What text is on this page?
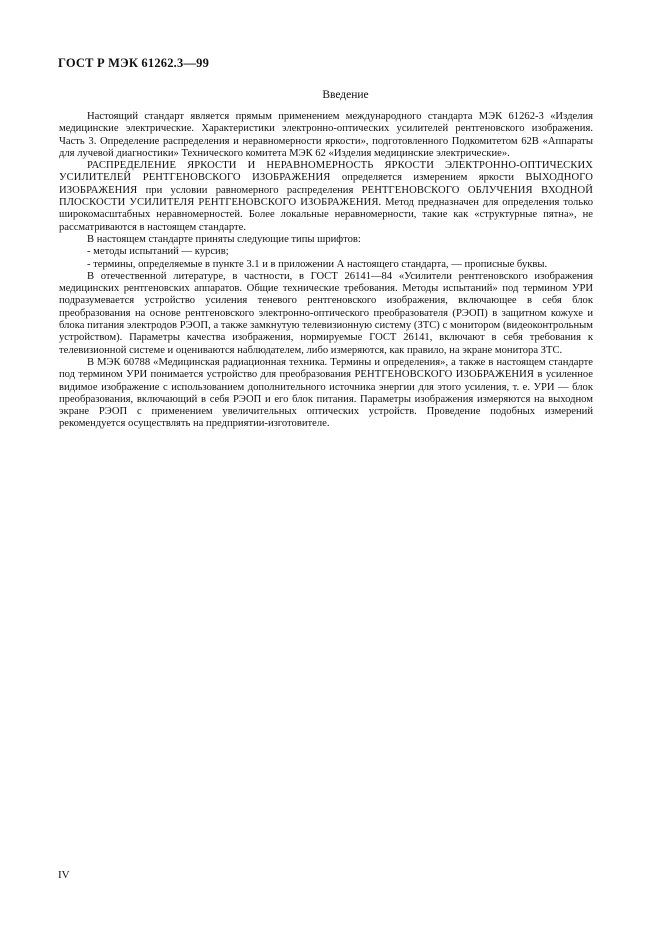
ГОСТ Р МЭК 61262.3—99
Введение

Настоящий стандарт является прямым применением международного стандарта МЭК 61262-3 «Изделия медицинские электрические. Характеристики электронно-оптических усилителей рентгеновского изображения. Часть 3. Определение распределения и неравномерности яркости», подготовленного Подкомитетом 62В «Аппараты для лучевой диагностики» Технического комитета МЭК 62 «Изделия медицинские электрические».

РАСПРЕДЕЛЕНИЕ ЯРКОСТИ И НЕРАВНОМЕРНОСТЬ ЯРКОСТИ ЭЛЕКТРОННО-ОПТИЧЕСКИХ УСИЛИТЕЛЕЙ РЕНТГЕНОВСКОГО ИЗОБРАЖЕНИЯ определяется измерением яркости ВЫХОДНОГО ИЗОБРАЖЕНИЯ при условии равномерного распределения РЕНТГЕНОВСКОГО ОБЛУЧЕНИЯ ВХОДНОЙ ПЛОСКОСТИ УСИЛИТЕЛЯ РЕНТГЕНОВСКОГО ИЗОБРАЖЕНИЯ. Метод предназначен для определения только широкомасштабных неравномерностей. Более локальные неравномерности, такие как «структурные пятна», не рассматриваются в настоящем стандарте.

В настоящем стандарте приняты следующие типы шрифтов:

- методы испытаний — курсив;

- термины, определяемые в пункте 3.1 и в приложении А настоящего стандарта, — прописные буквы.

В отечественной литературе, в частности, в ГОСТ 26141—84 «Усилители рентгеновского изображения медицинских рентгеновских аппаратов. Общие технические требования. Методы испытаний» под термином УРИ подразумевается устройство усиления теневого рентгеновского изображения, включающее в себя блок преобразования на основе рентгеновского электронно-оптического преобразователя (РЭОП) в защитном кожухе и блока питания электродов РЭОП, а также замкнутую телевизионную систему (ЗТС) с монитором (видеоконтрольным устройством). Параметры качества изображения, нормируемые ГОСТ 26141, включают в себя требования к телевизионной системе и оцениваются наблюдателем, либо измеряются, как правило, на экране монитора ЗТС.

В МЭК 60788 «Медицинская радиационная техника. Термины и определения», а также в настоящем стандарте под термином УРИ понимается устройство для преобразования РЕНТГЕНОВСКОГО ИЗОБРАЖЕНИЯ в усиленное видимое изображение с использованием дополнительного источника энергии для этого усиления, т. е. УРИ — блок преобразования, включающий в себя РЭОП и его блок питания. Параметры изображения измеряются на выходном экране РЭОП с применением увеличительных оптических устройств. Проведение подобных измерений рекомендуется осуществлять на предприятии-изготовителе.

IV
